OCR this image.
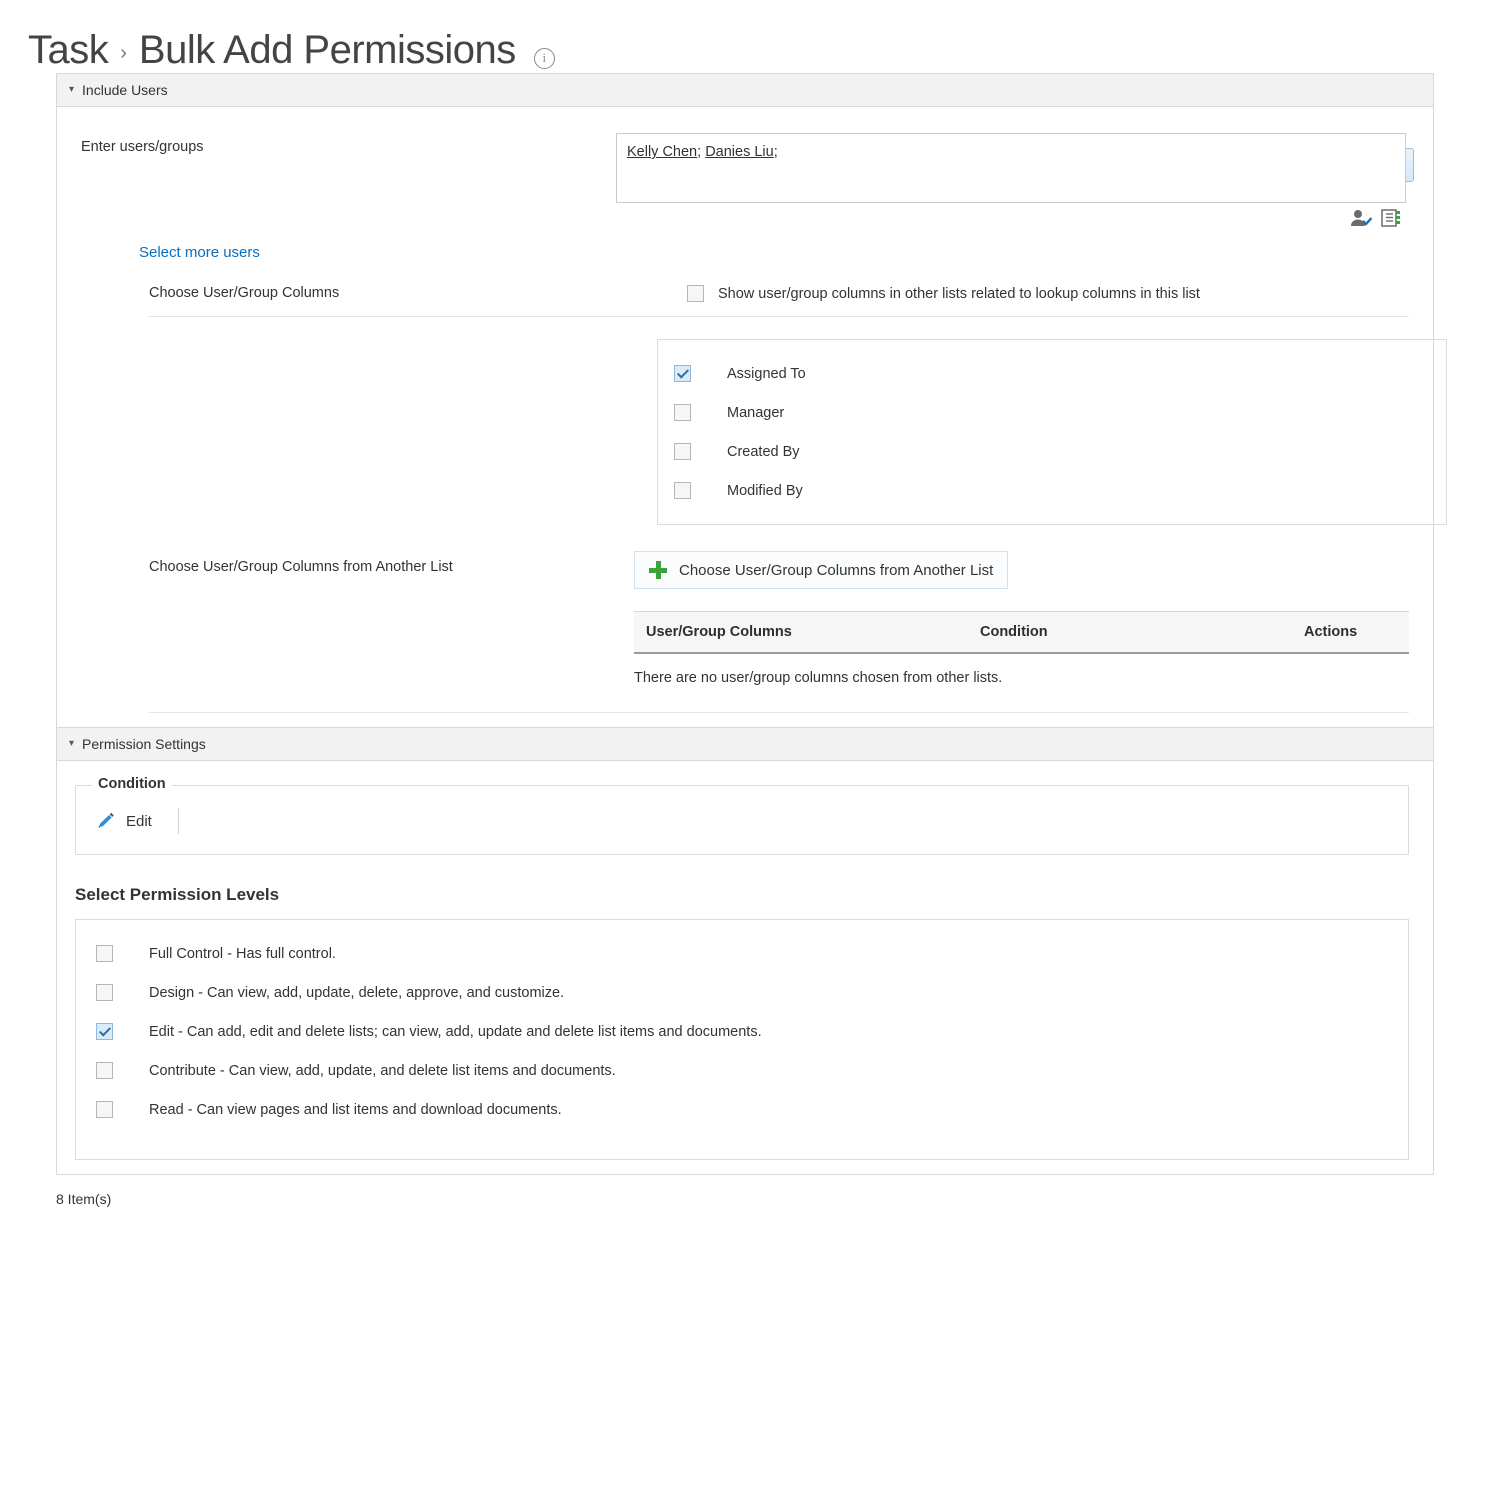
Task › Bulk Add Permissions	i
▾ Include Users
Enter users/groups	Kelly Chen; Danies Liu;
Select more users
Choose User/Group Columns	Show user/group columns in other lists related to lookup columns in this list
Assigned To
Manager
Created By
Modified By
Choose User/Group Columns from Another List	Choose User/Group Columns from Another List
User/Group Columns	Condition	Actions
There are no user/group columns chosen from other lists.
▾ Permission Settings
Condition
Edit
Select Permission Levels
Full Control - Has full control.
Design - Can view, add, update, delete, approve, and customize.
Edit - Can add, edit and delete lists; can view, add, update and delete list items and documents.
Contribute - Can view, add, update, and delete list items and documents.
Read - Can view pages and list items and download documents.
8 Item(s)
